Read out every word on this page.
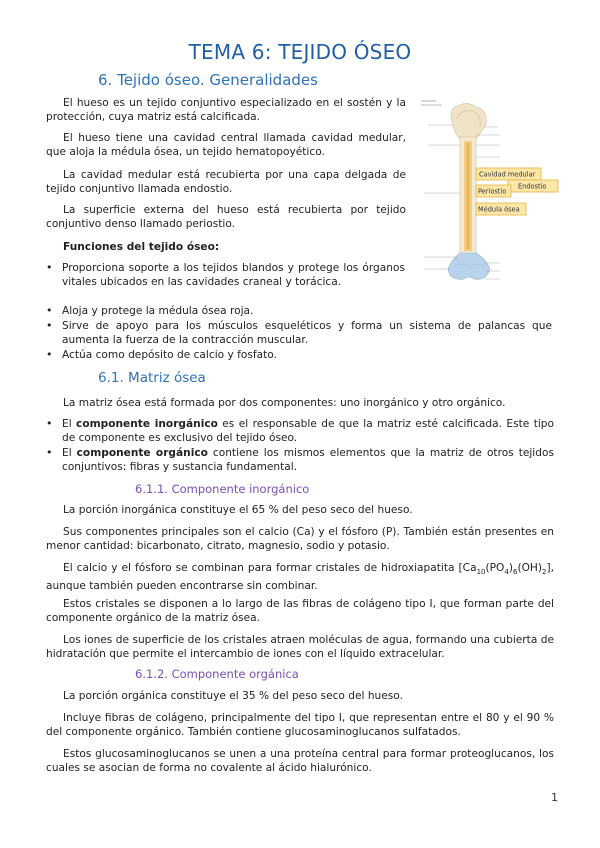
TEMA 6: TEJIDO ÓSEO
6. Tejido óseo. Generalidades

El hueso es un tejido conjuntivo especializado en el sostén y la protección, cuya matriz está calcificada.

El hueso tiene una cavidad central llamada cavidad medular, que aloja la médula ósea, un tejido hematopoyético.

La cavidad medular está recubierta por una capa delgada de tejido conjuntivo llamada endostio.

La superficie externa del hueso está recubierta por tejido conjuntivo denso llamado periostio.

Funciones del tejido óseo:
• Proporciona soporte a los tejidos blandos y protege los órganos vitales ubicados en las cavidades craneal y torácica.
• Aloja y protege la médula ósea roja.
• Sirve de apoyo para los músculos esqueléticos y forma un sistema de palancas que aumenta la fuerza de la contracción muscular.
• Actúa como depósito de calcio y fosfato.
Cavidad medular
Endostio
Periostio
Médula ósea
6.1. Matriz ósea

La matriz ósea está formada por dos componentes: uno inorgánico y otro orgánico.

• El componente inorgánico es el responsable de que la matriz esté calcificada. Este tipo de componente es exclusivo del tejido óseo.
• El componente orgánico contiene los mismos elementos que la matriz de otros tejidos conjuntivos: fibras y sustancia fundamental.
6.1.1. Componente inorgánico

La porción inorgánica constituye el 65 % del peso seco del hueso.

Sus componentes principales son el calcio (Ca) y el fósforo (P). También están presentes en menor cantidad: bicarbonato, citrato, magnesio, sodio y potasio.

El calcio y el fósforo se combinan para formar cristales de hidroxiapatita $[Ca_{10}(PO_4)_6(OH)_2]$, aunque también pueden encontrarse sin combinar.

Estos cristales se disponen a lo largo de las fibras de colágeno tipo I, que forman parte del componente orgánico de la matriz ósea.

Los iones de superficie de los cristales atraen moléculas de agua, formando una cubierta de hidratación que permite el intercambio de iones con el líquido extracelular.

6.1.2. Componente orgánica

La porción orgánica constituye el 35 % del peso seco del hueso.

Incluye fibras de colágeno, principalmente del tipo I, que representan entre el 80 y el 90 % del componente orgánico. También contiene glucosaminoglucanos sulfatados.

Estos glucosaminoglucanos se unen a una proteína central para formar proteoglucanos, los cuales se asocian de forma no covalente al ácido hialurónico.

1
